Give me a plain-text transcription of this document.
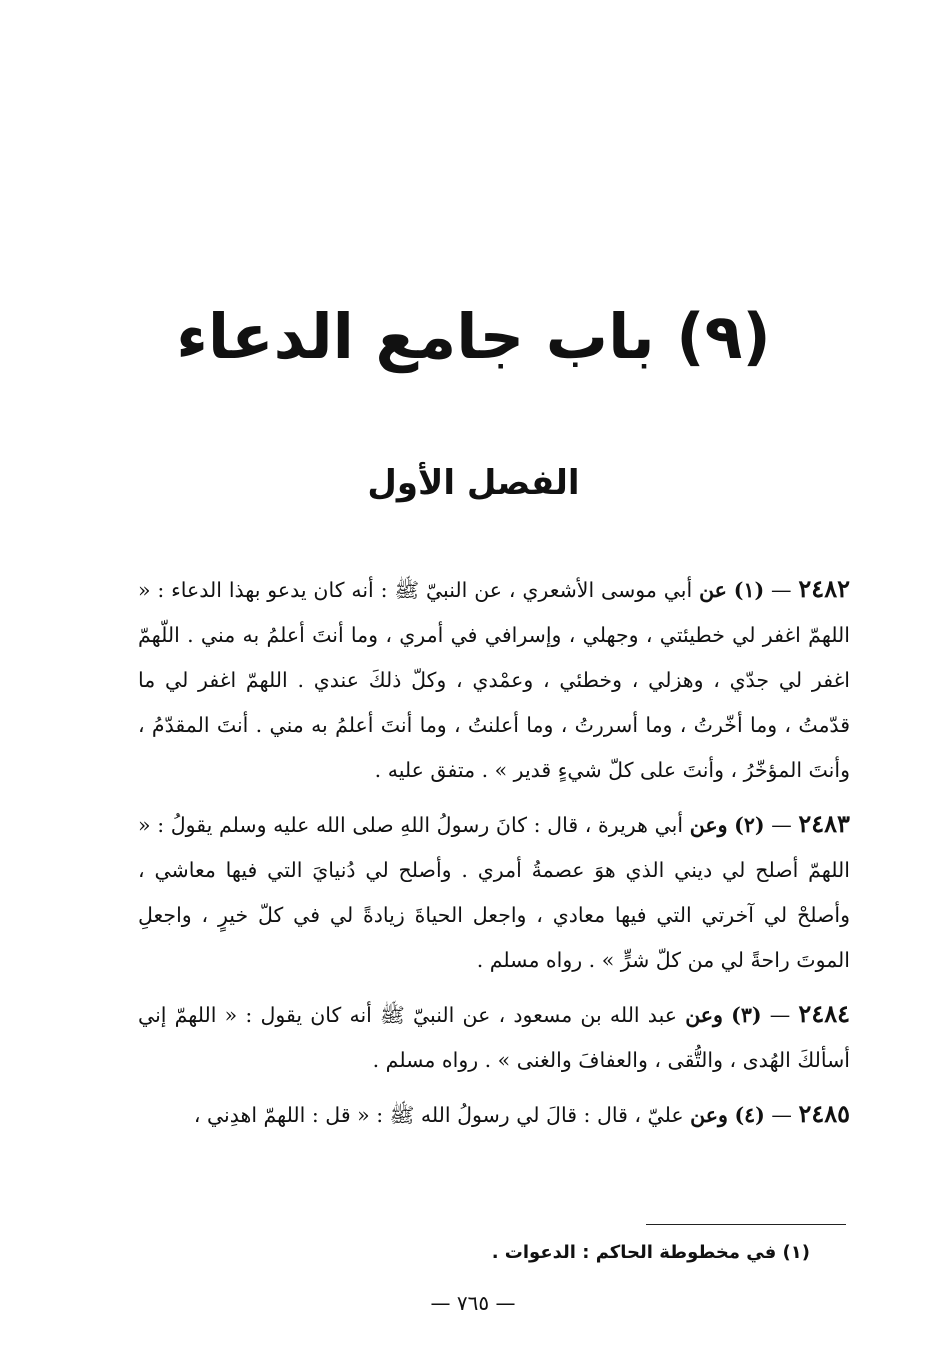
(٩) باب جامع الدعاء
الفصل الأول

٢٤٨٢ — (١) عن أبي موسى الأشعري ، عن النبيّ ﷺ : أنه كان يدعو بهذا الدعاء : « اللهمّ اغفر لي خطيئتي ، وجهلي ، وإسرافي في أمري ، وما أنتَ أعلمُ به مني . اللّهمّ اغفر لي جدّي ، وهزلي ، وخطئي ، وعمْدي ، وكلّ ذلكَ عندي . اللهمّ اغفر لي ما قدّمتُ ، وما أخّرتُ ، وما أسررتُ ، وما أعلنتُ ، وما أنتَ أعلمُ به مني . أنتَ المقدّمُ ، وأنتَ المؤخّرُ ، وأنتَ على كلّ شيءٍ قدير » . متفق عليه .

٢٤٨٣ — (٢) وعن أبي هريرة ، قال : كانَ رسولُ اللهِ صلى الله عليه وسلم يقولُ : « اللهمّ أصلح لي ديني الذي هوَ عصمةُ أمري . وأصلح لي دُنيايَ التي فيها معاشي ، وأصلحْ لي آخرتي التي فيها معادي ، واجعل الحياةَ زيادةً لي في كلّ خيرٍ ، واجعلِ الموتَ راحةً لي من كلّ شرٍّ » . رواه مسلم .

٢٤٨٤ — (٣) وعن عبد الله بن مسعود ، عن النبيّ ﷺ أنه كان يقول : « اللهمّ إني أسألكَ الهُدى ، والتُّقى ، والعفافَ والغنى » . رواه مسلم .

٢٤٨٥ — (٤) وعن عليّ ، قال : قالَ لي رسولُ الله ﷺ : « قل : اللهمّ اهدِني ،

(١) في مخطوطة الحاكم : الدعوات .

— ٧٦٥ —
